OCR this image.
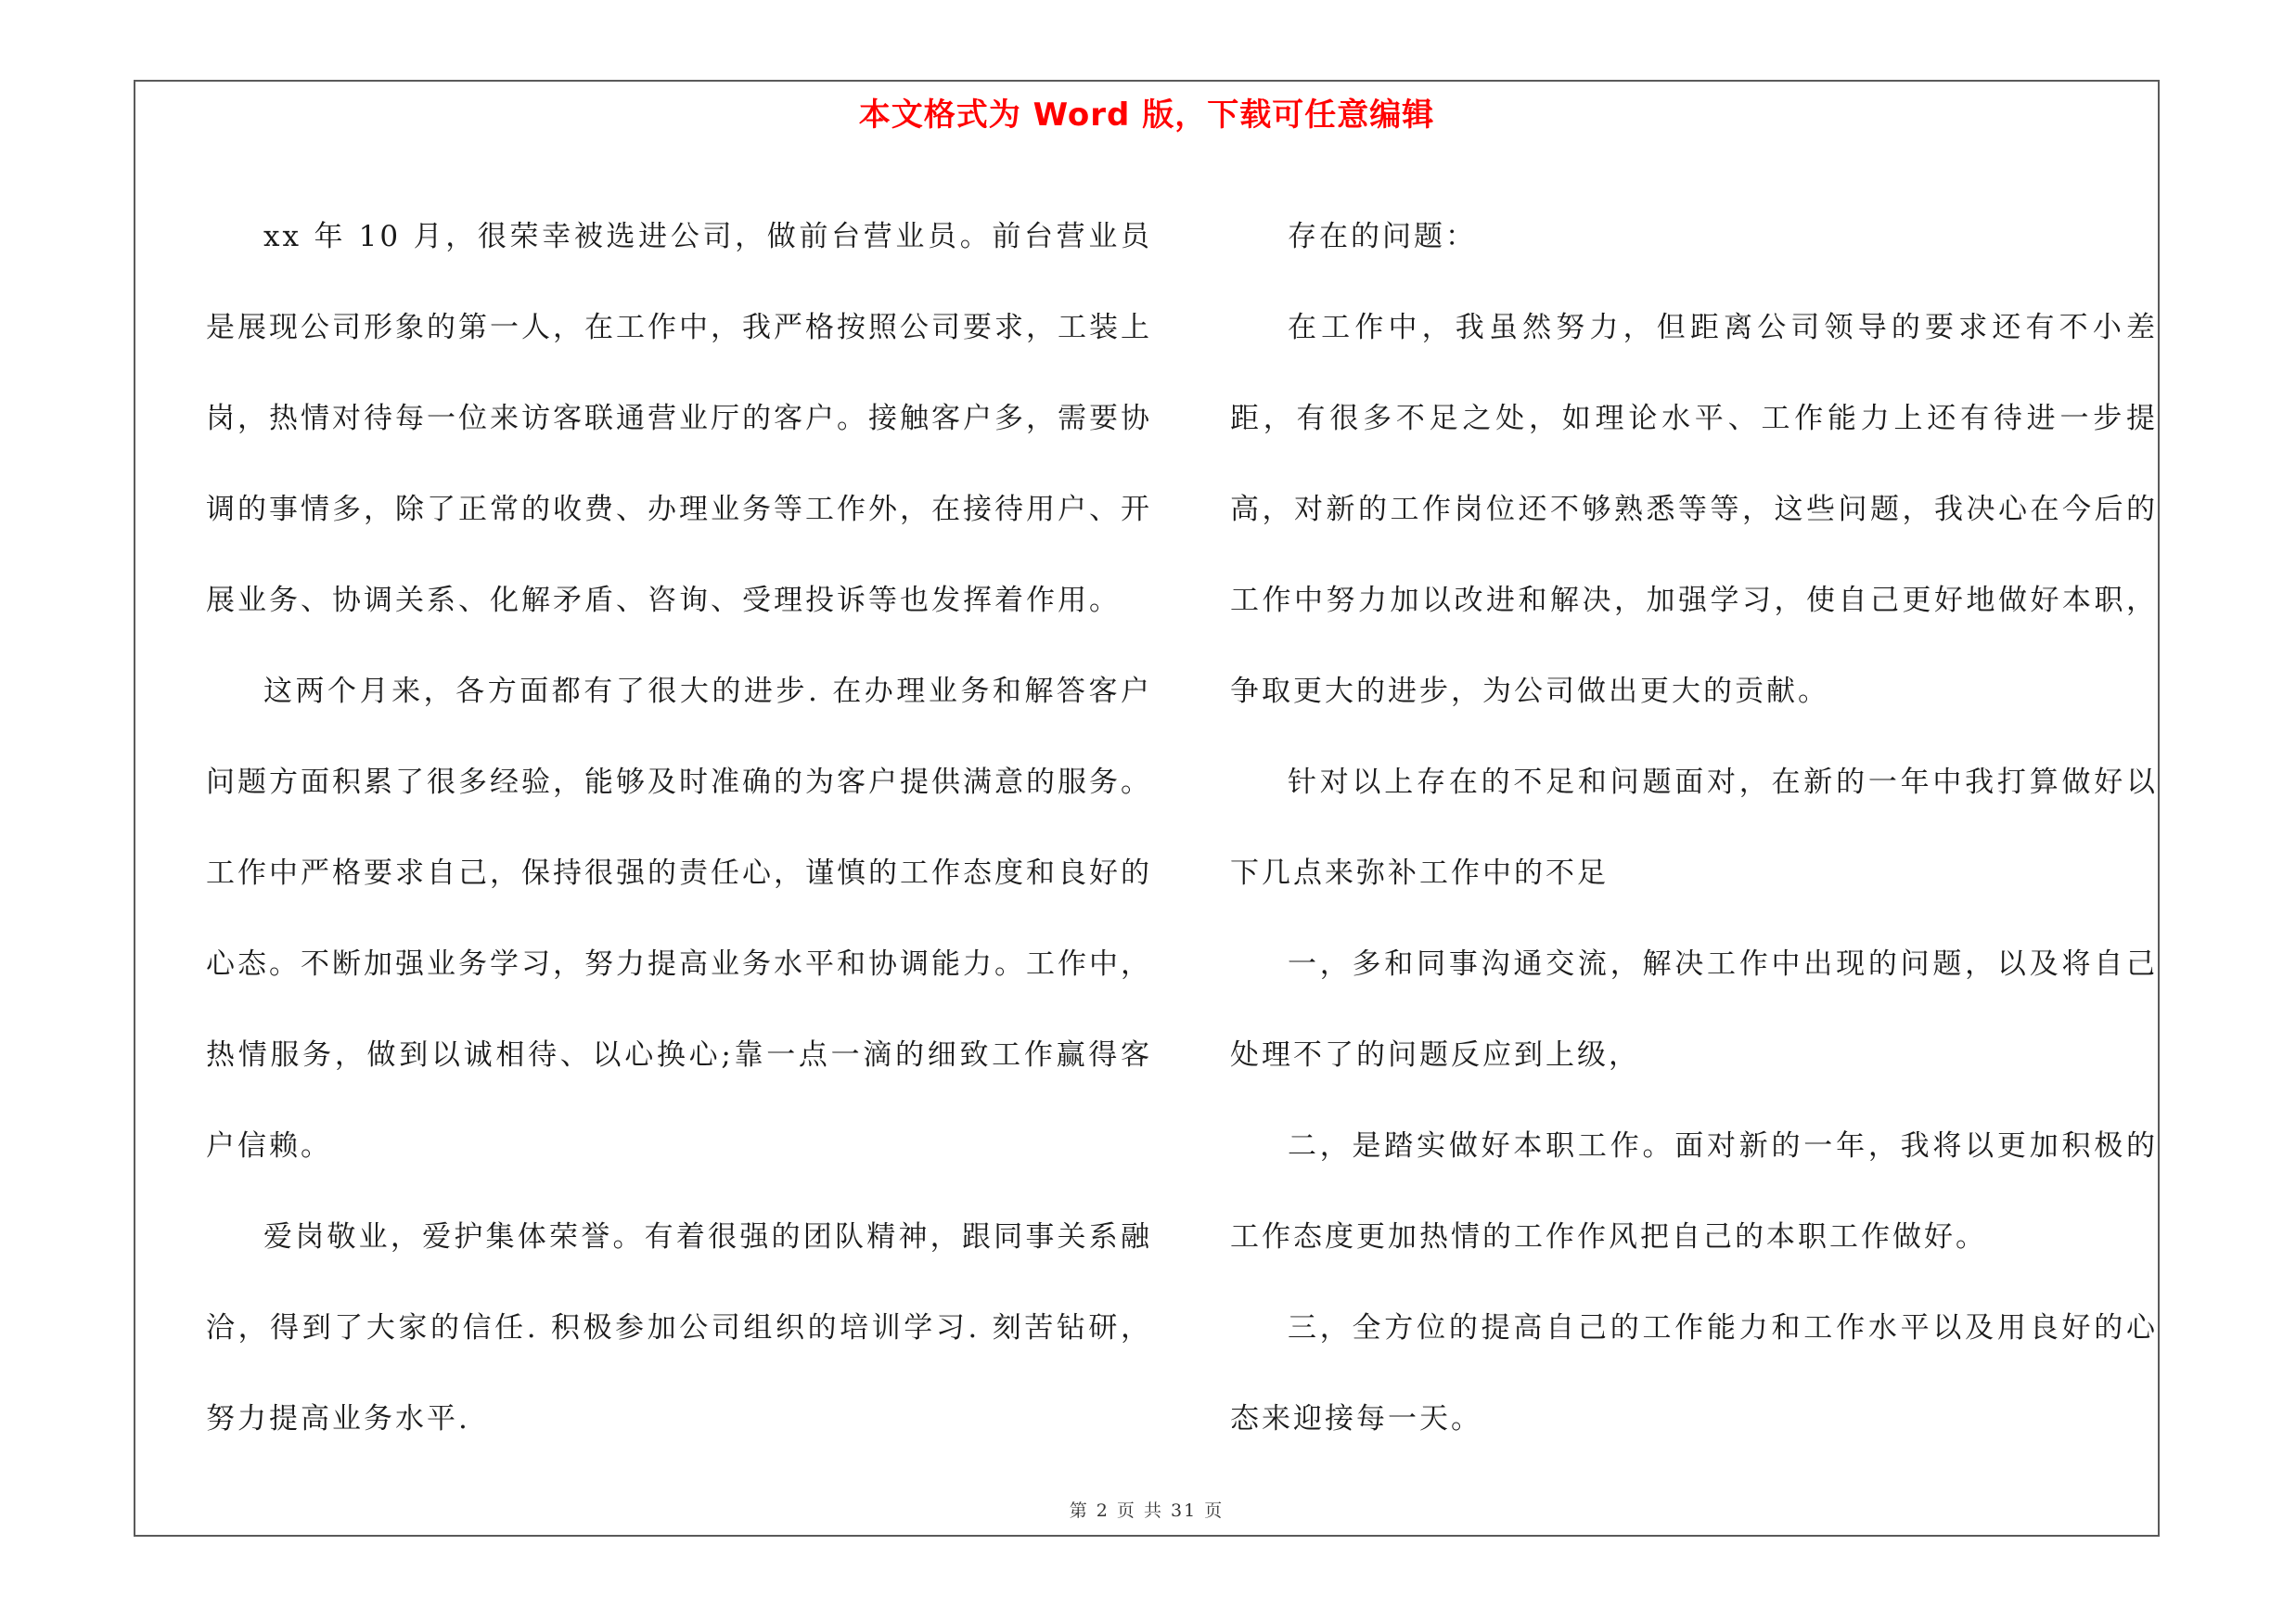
本文格式为 Word 版，下载可任意编辑

xx 年 10 月，很荣幸被选进公司，做前台营业员。前台营业员是展现公司形象的第一人，在工作中，我严格按照公司要求，工装上岗，热情对待每一位来访客联通营业厅的客户。接触客户多，需要协调的事情多，除了正常的收费、办理业务等工作外，在接待用户、开展业务、协调关系、化解矛盾、咨询、受理投诉等也发挥着作用。

这两个月来，各方面都有了很大的进步. 在办理业务和解答客户问题方面积累了很多经验，能够及时准确的为客户提供满意的服务。工作中严格要求自己，保持很强的责任心，谨慎的工作态度和良好的心态。不断加强业务学习，努力提高业务水平和协调能力。工作中，热情服务，做到以诚相待、以心换心;靠一点一滴的细致工作赢得客户信赖。

爱岗敬业，爱护集体荣誉。有着很强的团队精神，跟同事关系融洽，得到了大家的信任. 积极参加公司组织的培训学习. 刻苦钻研，努力提高业务水平.

存在的问题：

在工作中，我虽然努力，但距离公司领导的要求还有不小差距，有很多不足之处，如理论水平、工作能力上还有待进一步提高，对新的工作岗位还不够熟悉等等，这些问题，我决心在今后的工作中努力加以改进和解决，加强学习，使自己更好地做好本职，争取更大的进步，为公司做出更大的贡献。

针对以上存在的不足和问题面对，在新的一年中我打算做好以下几点来弥补工作中的不足

一，多和同事沟通交流，解决工作中出现的问题，以及将自己处理不了的问题反应到上级，

二，是踏实做好本职工作。面对新的一年，我将以更加积极的工作态度更加热情的工作作风把自己的本职工作做好。

三，全方位的提高自己的工作能力和工作水平以及用良好的心态来迎接每一天。

第 2 页 共 31 页
